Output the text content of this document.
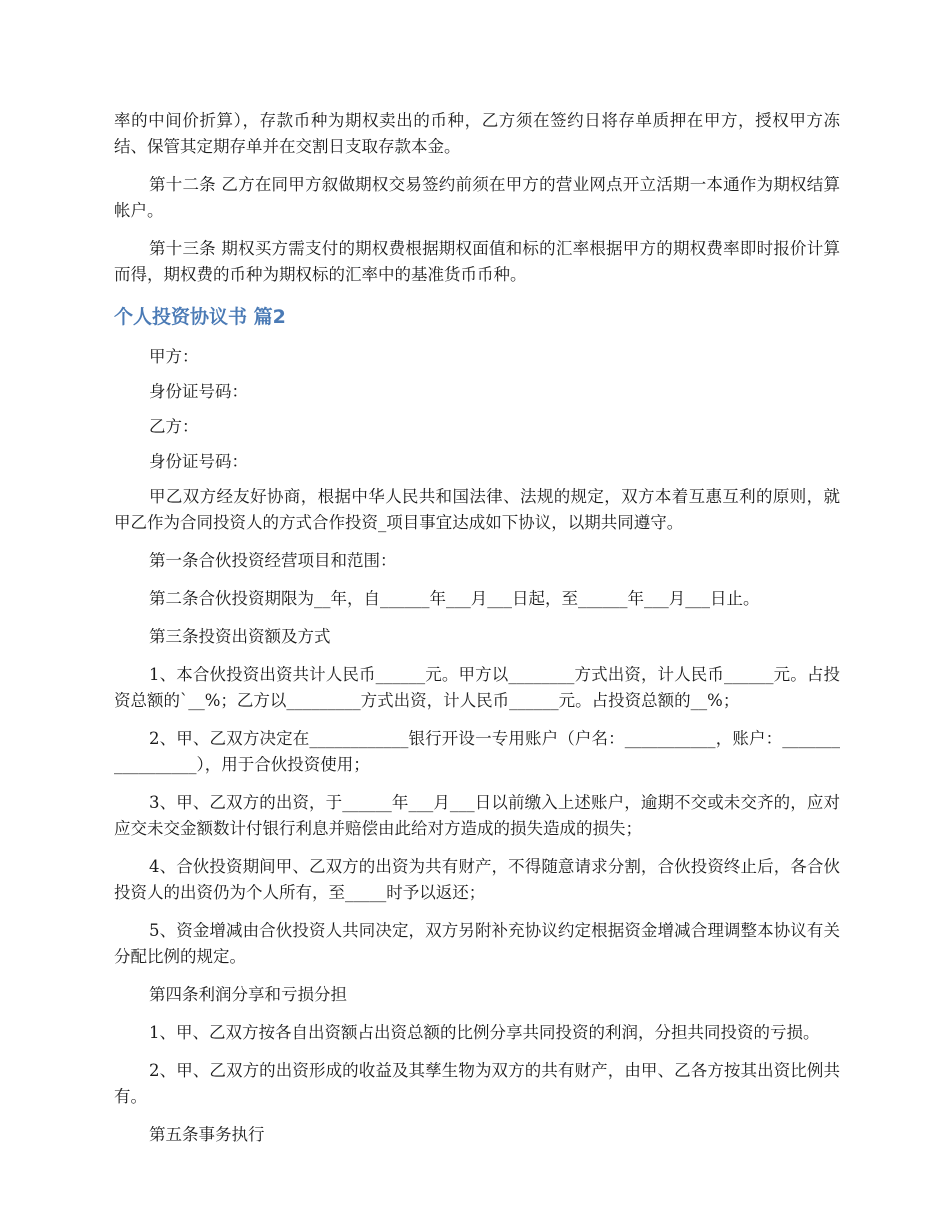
率的中间价折算），存款币种为期权卖出的币种，乙方须在签约日将存单质押在甲方，授权甲方冻结、保管其定期存单并在交割日支取存款本金。

第十二条 乙方在同甲方叙做期权交易签约前须在甲方的营业网点开立活期一本通作为期权结算帐户。

第十三条 期权买方需支付的期权费根据期权面值和标的汇率根据甲方的期权费率即时报价计算而得，期权费的币种为期权标的汇率中的基准货币币种。

个人投资协议书 篇2

甲方：

身份证号码：

乙方：

身份证号码：

甲乙双方经友好协商，根据中华人民共和国法律、法规的规定，双方本着互惠互利的原则，就甲乙作为合同投资人的方式合作投资_项目事宜达成如下协议，以期共同遵守。

第一条合伙投资经营项目和范围：

第二条合伙投资期限为__年，自______年___月___日起，至______年___月___日止。

第三条投资出资额及方式

1、本合伙投资出资共计人民币______元。甲方以________方式出资，计人民币______元。占投资总额的`__%；乙方以_________方式出资，计人民币______元。占投资总额的__%；

2、甲、乙双方决定在____________银行开设一专用账户（户名：___________，账户：_________________），用于合伙投资使用；

3、甲、乙双方的出资，于______年___月___日以前缴入上述账户，逾期不交或未交齐的，应对应交未交金额数计付银行利息并赔偿由此给对方造成的损失造成的损失；

4、合伙投资期间甲、乙双方的出资为共有财产，不得随意请求分割，合伙投资终止后，各合伙投资人的出资仍为个人所有，至_____时予以返还；

5、资金增减由合伙投资人共同决定，双方另附补充协议约定根据资金增减合理调整本协议有关分配比例的规定。

第四条利润分享和亏损分担

1、甲、乙双方按各自出资额占出资总额的比例分享共同投资的利润，分担共同投资的亏损。

2、甲、乙双方的出资形成的收益及其孳生物为双方的共有财产，由甲、乙各方按其出资比例共有。

第五条事务执行
